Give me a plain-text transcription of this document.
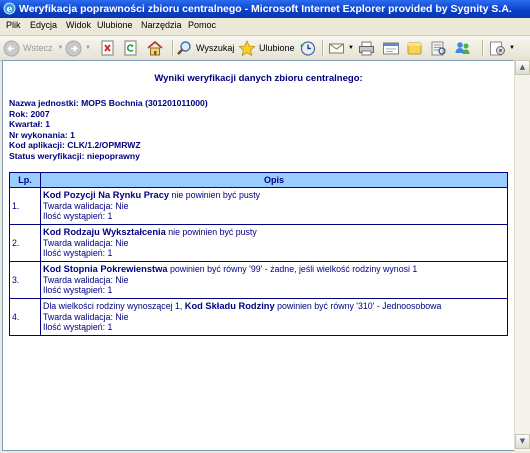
e Weryfikacja poprawności zbioru centralnego - Microsoft Internet Explorer provided by Sygnity S.A.
Plik Edycja Widok Ulubione Narzędzia Pomoc
Wstecz ▼	▼	Wyszukaj	Ulubione	▼	▼
Wyniki weryfikacji danych zbioru centralnego:
Nazwa jednostki: MOPS Bochnia (301201011000)
Rok: 2007
Kwartał: 1
Nr wykonania: 1
Kod aplikacji: CLK/1.2/OPMRWZ
Status weryfikacji: niepoprawny
Lp.	Opis
1.	Kod Pozycji Na Rynku Pracy nie powinien być pusty
Twarda walidacja: Nie
Ilość wystąpień: 1

2.	Kod Rodzaju Wykształcenia nie powinien być pusty
Twarda walidacja: Nie
Ilość wystąpień: 1

3.	Kod Stopnia Pokrewienstwa powinien być równy '99' - żadne, jeśli wielkość rodziny wynosi 1
Twarda walidacja: Nie
Ilość wystąpień: 1

4.	Dla wielkości rodziny wynoszącej 1, Kod Składu Rodziny powinien być równy '310' - Jednoosobowa
Twarda walidacja: Nie
Ilość wystąpień: 1
▲
▼
